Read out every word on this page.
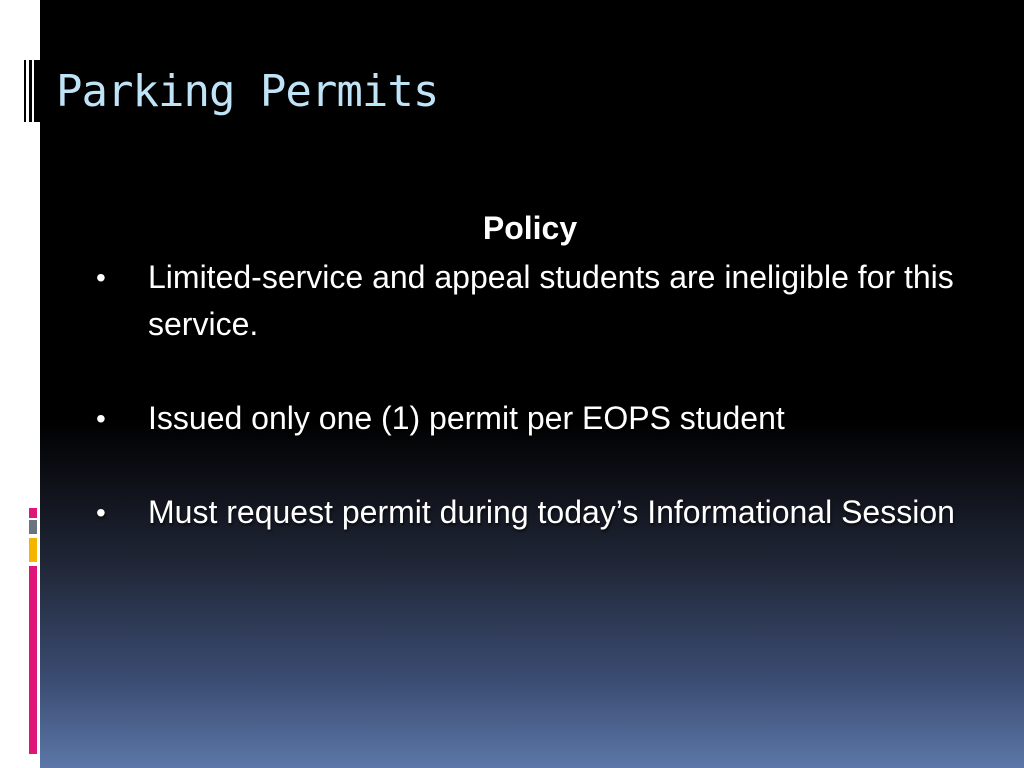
Parking Permits
Policy
•	Limited-service and appeal students are ineligible for this service.
•	Issued only one (1) permit per EOPS student
•	Must request permit during today’s Informational Session
